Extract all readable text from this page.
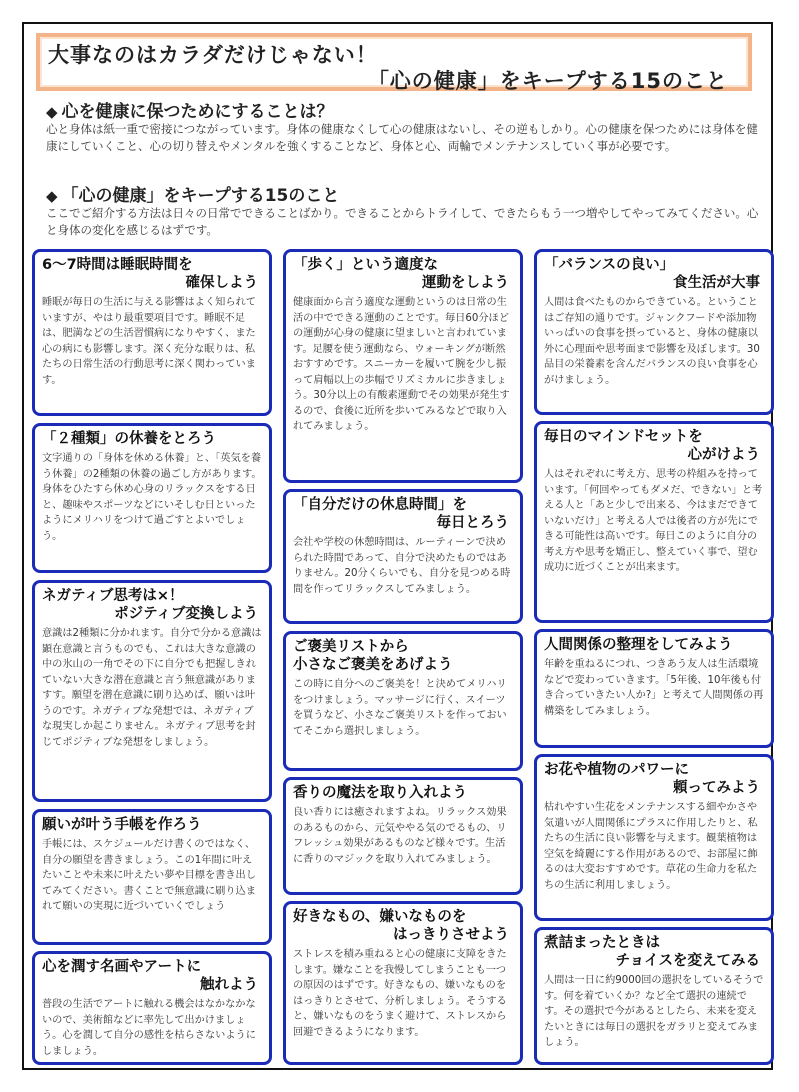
大事なのはカラダだけじゃない！
「心の健康」をキープする15のこと
◆ 心を健康に保つためにすることは？
心と身体は紙一重で密接につながっています。身体の健康なくして心の健康はないし、その逆もしかり。心の健康を保つためには身体を健康にしていくこと、心の切り替えやメンタルを強くすることなど、身体と心、両輪でメンテナンスしていく事が必要です。
◆ 「心の健康」をキープする15のこと
ここでご紹介する方法は日々の日常でできることばかり。できることからトライして、できたらもう一つ増やしてやってみてください。心と身体の変化を感じるはずです。
6～7時間は睡眠時間を
確保しよう
睡眠が毎日の生活に与える影響はよく知られていますが、やはり最重要項目です。睡眠不足は、肥満などの生活習慣病になりやすく、また心の病にも影響します。深く充分な眠りは、私たちの日常生活の行動思考に深く関わっています。
「２種類」の休養をとろう
文字通りの「身体を休める休養」と、「英気を養う休養」の2種類の休養の過ごし方があります。身体をひたすら休め心身のリラックスをする日と、趣味やスポーツなどにいそしむ日といったようにメリハリをつけて過ごすとよいでしょう。
ネガティブ思考は×！
ポジティブ変換しよう
意識は2種類に分かれます。自分で分かる意識は顕在意識と言うものでも、これは大きな意識の中の氷山の一角でその下に自分でも把握しきれていない大きな潜在意識と言う無意識がありますす。願望を潜在意識に刷り込めば、願いは叶うのです。ネガティブな発想では、ネガティブな現実しか起こりません。ネガティブ思考を封じてポジティブな発想をしましょう。
願いが叶う手帳を作ろう
手帳には、スケジュールだけ書くのではなく、自分の願望を書きましょう。この1年間に叶えたいことや未来に叶えたい夢や目標を書き出してみてください。書くことで無意識に刷り込まれて願いの実現に近づいていくでしょう
心を潤す名画やアートに
触れよう
普段の生活でアートに触れる機会はなかなかないので、美術館などに率先して出かけましょう。心を潤して自分の感性を枯らさないようにしましょう。
「歩く」という適度な
運動をしよう
健康面から言う適度な運動というのは日常の生活の中でできる運動のことです。毎日60分ほどの運動が心身の健康に望ましいと言われています。足腰を使う運動なら、ウォーキングが断然おすすめです。スニーカーを履いて腕を少し振って肩幅以上の歩幅でリズミカルに歩きましょう。30分以上の有酸素運動でその効果が発生するので、食後に近所を歩いてみるなどで取り入れてみましょう。
「自分だけの休息時間」を
毎日とろう
会社や学校の休憩時間は、ルーティーンで決められた時間であって、自分で決めたものではありません。20分くらいでも、自分を見つめる時間を作ってリラックスしてみましょう。
ご褒美リストから
小さなご褒美をあげよう
この時に自分へのご褒美を！と決めてメリハリをつけましょう。マッサージに行く、スイーツを買うなど、小さなご褒美リストを作っておいてそこから選択しましょう。
香りの魔法を取り入れよう
良い香りには癒されますよね。リラックス効果のあるものから、元気ややる気のでるもの、リフレッシュ効果があるものなど様々です。生活に香りのマジックを取り入れてみましょう。
好きなもの、嫌いなものを
はっきりさせよう
ストレスを積み重ねると心の健康に支障をきたします。嫌なことを我慢してしまうことも一つの原因のはずです。好きなもの、嫌いなものをはっきりとさせて、分析しましょう。そうすると、嫌いなものをうまく避けて、ストレスから回避できるようになります。
「バランスの良い」
食生活が大事
人間は食べたものからできている。ということはご存知の通りです。ジャンクフードや添加物いっぱいの食事を摂っていると、身体の健康以外に心理面や思考面まで影響を及ぼします。30品目の栄養素を含んだバランスの良い食事を心がけましょう。
毎日のマインドセットを
心がけよう
人はそれぞれに考え方、思考の枠組みを持っています。「何回やってもダメだ、できない」と考える人と「あと少しで出来る、今はまだできていないだけ」と考える人では後者の方が先にできる可能性は高いです。毎日このように自分の考え方や思考を矯正し、整えていく事で、望む成功に近づくことが出来ます。
人間関係の整理をしてみよう
年齢を重ねるにつれ、つきあう友人は生活環境などで変わっていきます。「5年後、10年後も付き合っていきたい人か?」と考えて人間関係の再構築をしてみましょう。
お花や植物のパワーに
頼ってみよう
枯れやすい生花をメンテナンスする細やかさや気遣いが人間関係にプラスに作用したりと、私たちの生活に良い影響を与えます。観葉植物は空気を綺麗にする作用があるので、お部屋に飾るのは大変おすすめです。草花の生命力を私たちの生活に利用しましょう。
煮詰まったときは
チョイスを変えてみる
人間は一日に約9000回の選択をしているそうです。何を着ていくか？など全て選択の連続です。その選択で今があるとしたら、未来を変えたいときには毎日の選択をガラリと変えてみましょう。
